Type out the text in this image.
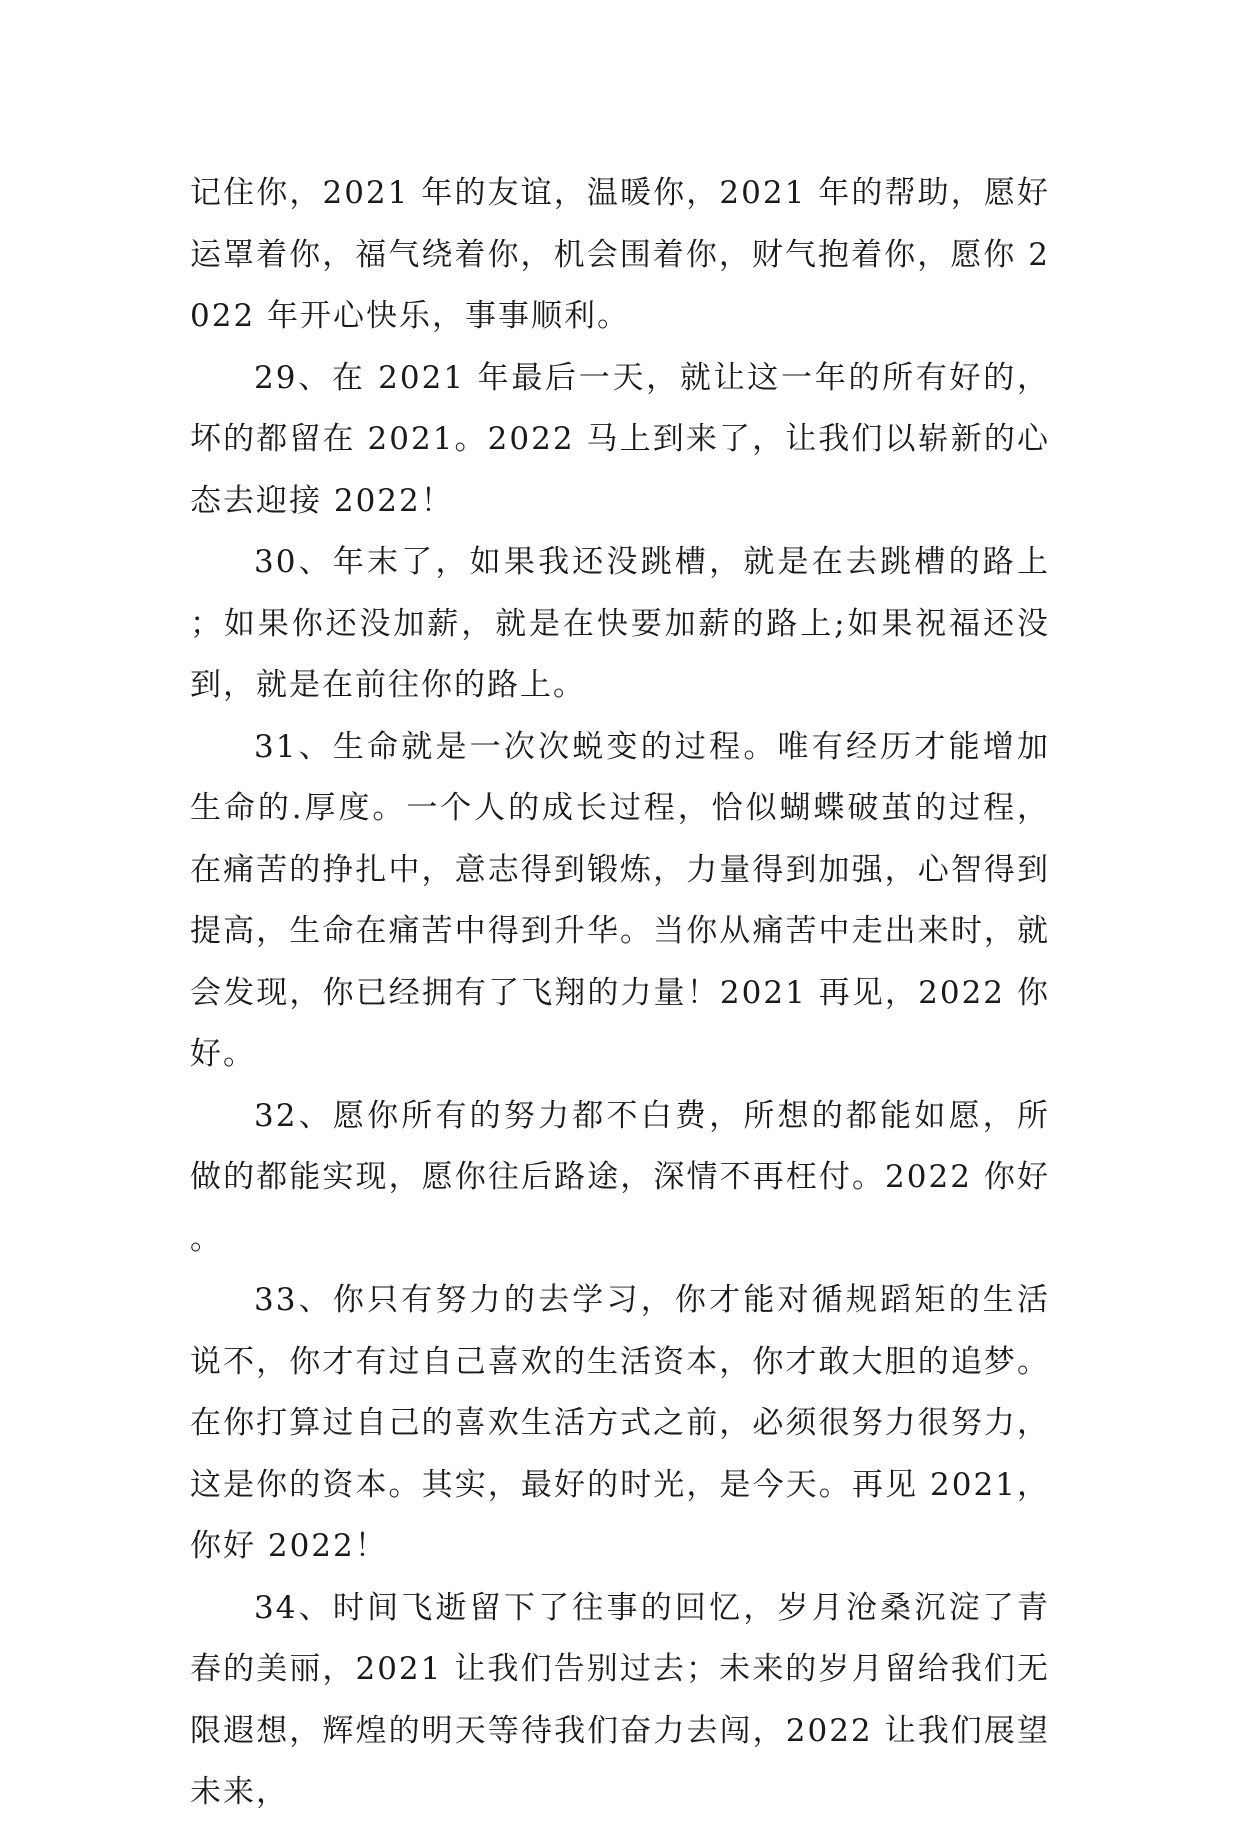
记住你，2021 年的友谊，温暖你，2021 年的帮助，愿好运罩着你，福气绕着你，机会围着你，财气抱着你，愿你 2022 年开心快乐，事事顺利。

29、在 2021 年最后一天，就让这一年的所有好的，坏的都留在 2021。2022 马上到来了，让我们以崭新的心态去迎接 2022！

30、年末了，如果我还没跳槽，就是在去跳槽的路上；如果你还没加薪，就是在快要加薪的路上;如果祝福还没到，就是在前往你的路上。

31、生命就是一次次蜕变的过程。唯有经历才能增加生命的.厚度。一个人的成长过程，恰似蝴蝶破茧的过程，在痛苦的挣扎中，意志得到锻炼，力量得到加强，心智得到提高，生命在痛苦中得到升华。当你从痛苦中走出来时，就会发现，你已经拥有了飞翔的力量！2021 再见，2022 你好。

32、愿你所有的努力都不白费，所想的都能如愿，所做的都能实现，愿你往后路途，深情不再枉付。2022 你好。

33、你只有努力的去学习，你才能对循规蹈矩的生活说不，你才有过自己喜欢的生活资本，你才敢大胆的追梦。在你打算过自己的喜欢生活方式之前，必须很努力很努力，这是你的资本。其实，最好的时光，是今天。再见 2021，你好 2022！

34、时间飞逝留下了往事的回忆，岁月沧桑沉淀了青春的美丽，2021 让我们告别过去；未来的岁月留给我们无限遐想，辉煌的明天等待我们奋力去闯，2022 让我们展望未来，
